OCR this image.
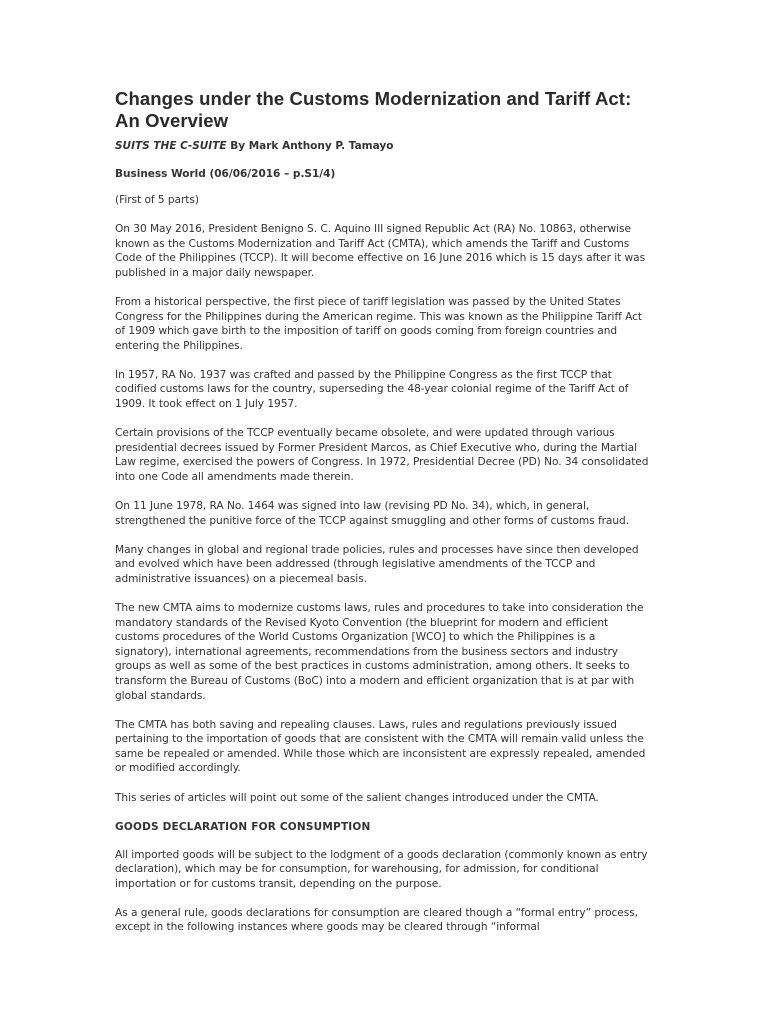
Changes under the Customs Modernization and Tariff Act: An Overview
SUITS THE C-SUITE By Mark Anthony P. Tamayo
Business World (06/06/2016 – p.S1/4)

(First of 5 parts)

On 30 May 2016, President Benigno S. C. Aquino III signed Republic Act (RA) No. 10863, otherwise known as the Customs Modernization and Tariff Act (CMTA), which amends the Tariff and Customs Code of the Philippines (TCCP). It will become effective on 16 June 2016 which is 15 days after it was published in a major daily newspaper.

From a historical perspective, the first piece of tariff legislation was passed by the United States Congress for the Philippines during the American regime. This was known as the Philippine Tariff Act of 1909 which gave birth to the imposition of tariff on goods coming from foreign countries and entering the Philippines.

In 1957, RA No. 1937 was crafted and passed by the Philippine Congress as the first TCCP that codified customs laws for the country, superseding the 48-year colonial regime of the Tariff Act of 1909. It took effect on 1 July 1957.

Certain provisions of the TCCP eventually became obsolete, and were updated through various presidential decrees issued by Former President Marcos, as Chief Executive who, during the Martial Law regime, exercised the powers of Congress. In 1972, Presidential Decree (PD) No. 34 consolidated into one Code all amendments made therein.

On 11 June 1978, RA No. 1464 was signed into law (revising PD No. 34), which, in general, strengthened the punitive force of the TCCP against smuggling and other forms of customs fraud.

Many changes in global and regional trade policies, rules and processes have since then developed and evolved which have been addressed (through legislative amendments of the TCCP and administrative issuances) on a piecemeal basis.

The new CMTA aims to modernize customs laws, rules and procedures to take into consideration the mandatory standards of the Revised Kyoto Convention (the blueprint for modern and efficient customs procedures of the World Customs Organization [WCO] to which the Philippines is a signatory), international agreements, recommendations from the business sectors and industry groups as well as some of the best practices in customs administration, among others. It seeks to transform the Bureau of Customs (BoC) into a modern and efficient organization that is at par with global standards.

The CMTA has both saving and repealing clauses. Laws, rules and regulations previously issued pertaining to the importation of goods that are consistent with the CMTA will remain valid unless the same be repealed or amended. While those which are inconsistent are expressly repealed, amended or modified accordingly.

This series of articles will point out some of the salient changes introduced under the CMTA.

GOODS DECLARATION FOR CONSUMPTION

All imported goods will be subject to the lodgment of a goods declaration (commonly known as entry declaration), which may be for consumption, for warehousing, for admission, for conditional importation or for customs transit, depending on the purpose.

As a general rule, goods declarations for consumption are cleared though a “formal entry” process, except in the following instances where goods may be cleared through “informal
